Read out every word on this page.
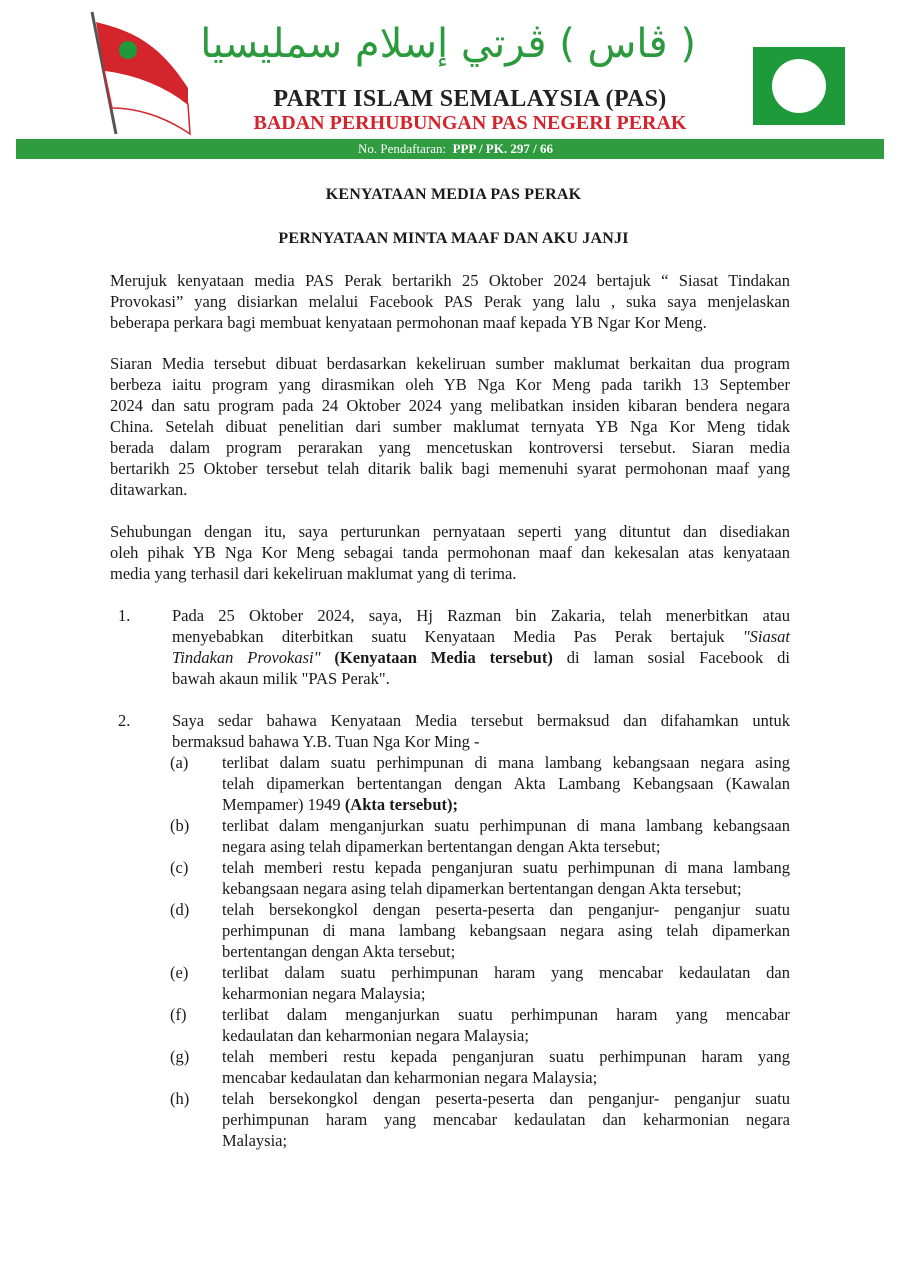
( ڤاس ) ڤرتي إسلام سمليسيا
PARTI ISLAM SEMALAYSIA (PAS)
BADAN PERHUBUNGAN PAS NEGERI PERAK
No. Pendaftaran: PPP / PK. 297 / 66
KENYATAAN MEDIA PAS PERAK
PERNYATAAN MINTA MAAF DAN AKU JANJI
Merujuk kenyataan media PAS Perak bertarikh 25 Oktober 2024 bertajuk “ Siasat Tindakan
Provokasi” yang disiarkan melalui Facebook PAS Perak yang lalu , suka saya menjelaskan
beberapa perkara bagi membuat kenyataan permohonan maaf kepada YB Ngar Kor Meng.
Siaran Media tersebut dibuat berdasarkan kekeliruan sumber maklumat berkaitan dua program
berbeza iaitu program yang dirasmikan oleh YB Nga Kor Meng pada tarikh 13 September
2024 dan satu program pada 24 Oktober 2024 yang melibatkan insiden kibaran bendera negara
China. Setelah dibuat penelitian dari sumber maklumat ternyata YB Nga Kor Meng tidak
berada dalam program perarakan yang mencetuskan kontroversi tersebut. Siaran media
bertarikh 25 Oktober tersebut telah ditarik balik bagi memenuhi syarat permohonan maaf yang
ditawarkan.
Sehubungan dengan itu, saya perturunkan pernyataan seperti yang dituntut dan disediakan
oleh pihak YB Nga Kor Meng sebagai tanda permohonan maaf dan kekesalan atas kenyataan
media yang terhasil dari kekeliruan maklumat yang di terima.
1.	Pada 25 Oktober 2024, saya, Hj Razman bin Zakaria, telah menerbitkan atau
menyebabkan diterbitkan suatu Kenyataan Media Pas Perak bertajuk "Siasat
Tindakan Provokasi" (Kenyataan Media tersebut) di laman sosial Facebook di
bawah akaun milik "PAS Perak".
2.	Saya sedar bahawa Kenyataan Media tersebut bermaksud dan difahamkan untuk
bermaksud bahawa Y.B. Tuan Nga Kor Ming -
(a) terlibat dalam suatu perhimpunan di mana lambang kebangsaan negara asing
telah dipamerkan bertentangan dengan Akta Lambang Kebangsaan (Kawalan
Mempamer) 1949 (Akta tersebut);
(b) terlibat dalam menganjurkan suatu perhimpunan di mana lambang kebangsaan
negara asing telah dipamerkan bertentangan dengan Akta tersebut;
(c) telah memberi restu kepada penganjuran suatu perhimpunan di mana lambang
kebangsaan negara asing telah dipamerkan bertentangan dengan Akta tersebut;
(d) telah bersekongkol dengan peserta-peserta dan penganjur- penganjur suatu
perhimpunan di mana lambang kebangsaan negara asing telah dipamerkan
bertentangan dengan Akta tersebut;
(e) terlibat dalam suatu perhimpunan haram yang mencabar kedaulatan dan
keharmonian negara Malaysia;
(f) terlibat dalam menganjurkan suatu perhimpunan haram yang mencabar
kedaulatan dan keharmonian negara Malaysia;
(g) telah memberi restu kepada penganjuran suatu perhimpunan haram yang
mencabar kedaulatan dan keharmonian negara Malaysia;
(h) telah bersekongkol dengan peserta-peserta dan penganjur- penganjur suatu
perhimpunan haram yang mencabar kedaulatan dan keharmonian negara
Malaysia;
